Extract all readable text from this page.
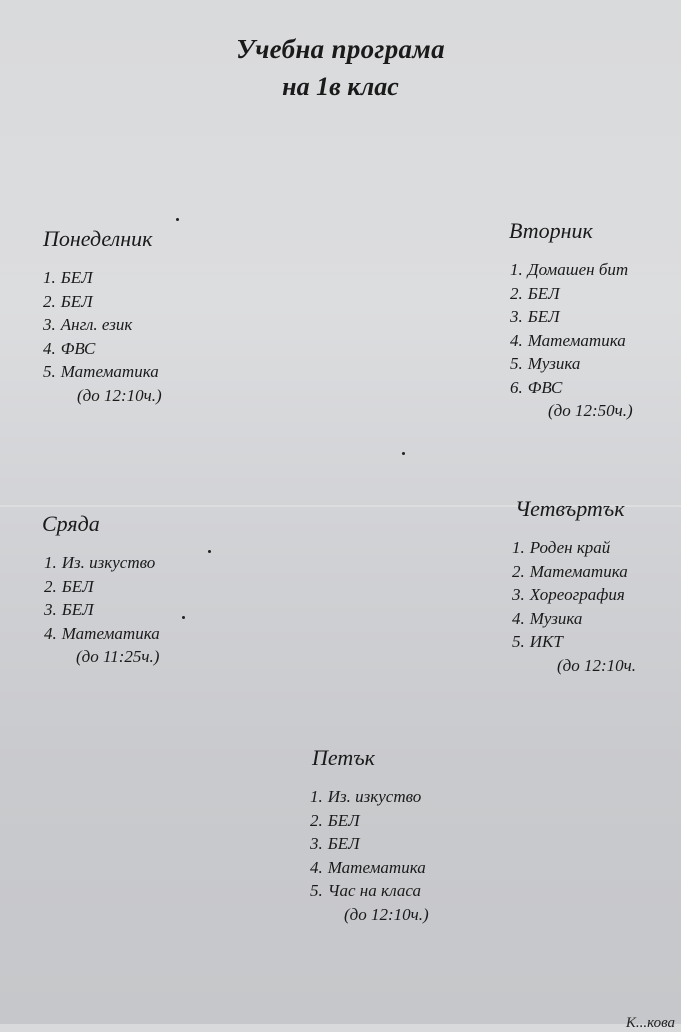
Учебна програма
на 1в клас
Понеделник
1. БЕЛ
2. БЕЛ
3. Англ. език
4. ФВС
5. Математика

(до 12:10ч.)

Вторник
1. Домашен бит
2. БЕЛ
3. БЕЛ
4. Математика
5. Музика
6. ФВС

(до 12:50ч.)

Сряда
1. Из. изкуство
2. БЕЛ
3. БЕЛ
4. Математика

(до 11:25ч.)

Четвъртък
1. Роден край
2. Математика
3. Хореография
4. Музика
5. ИКТ

(до 12:10ч.

Петък
1. Из. изкуство
2. БЕЛ
3. БЕЛ
4. Математика
5. Час на класа

(до 12:10ч.)

К...кова
